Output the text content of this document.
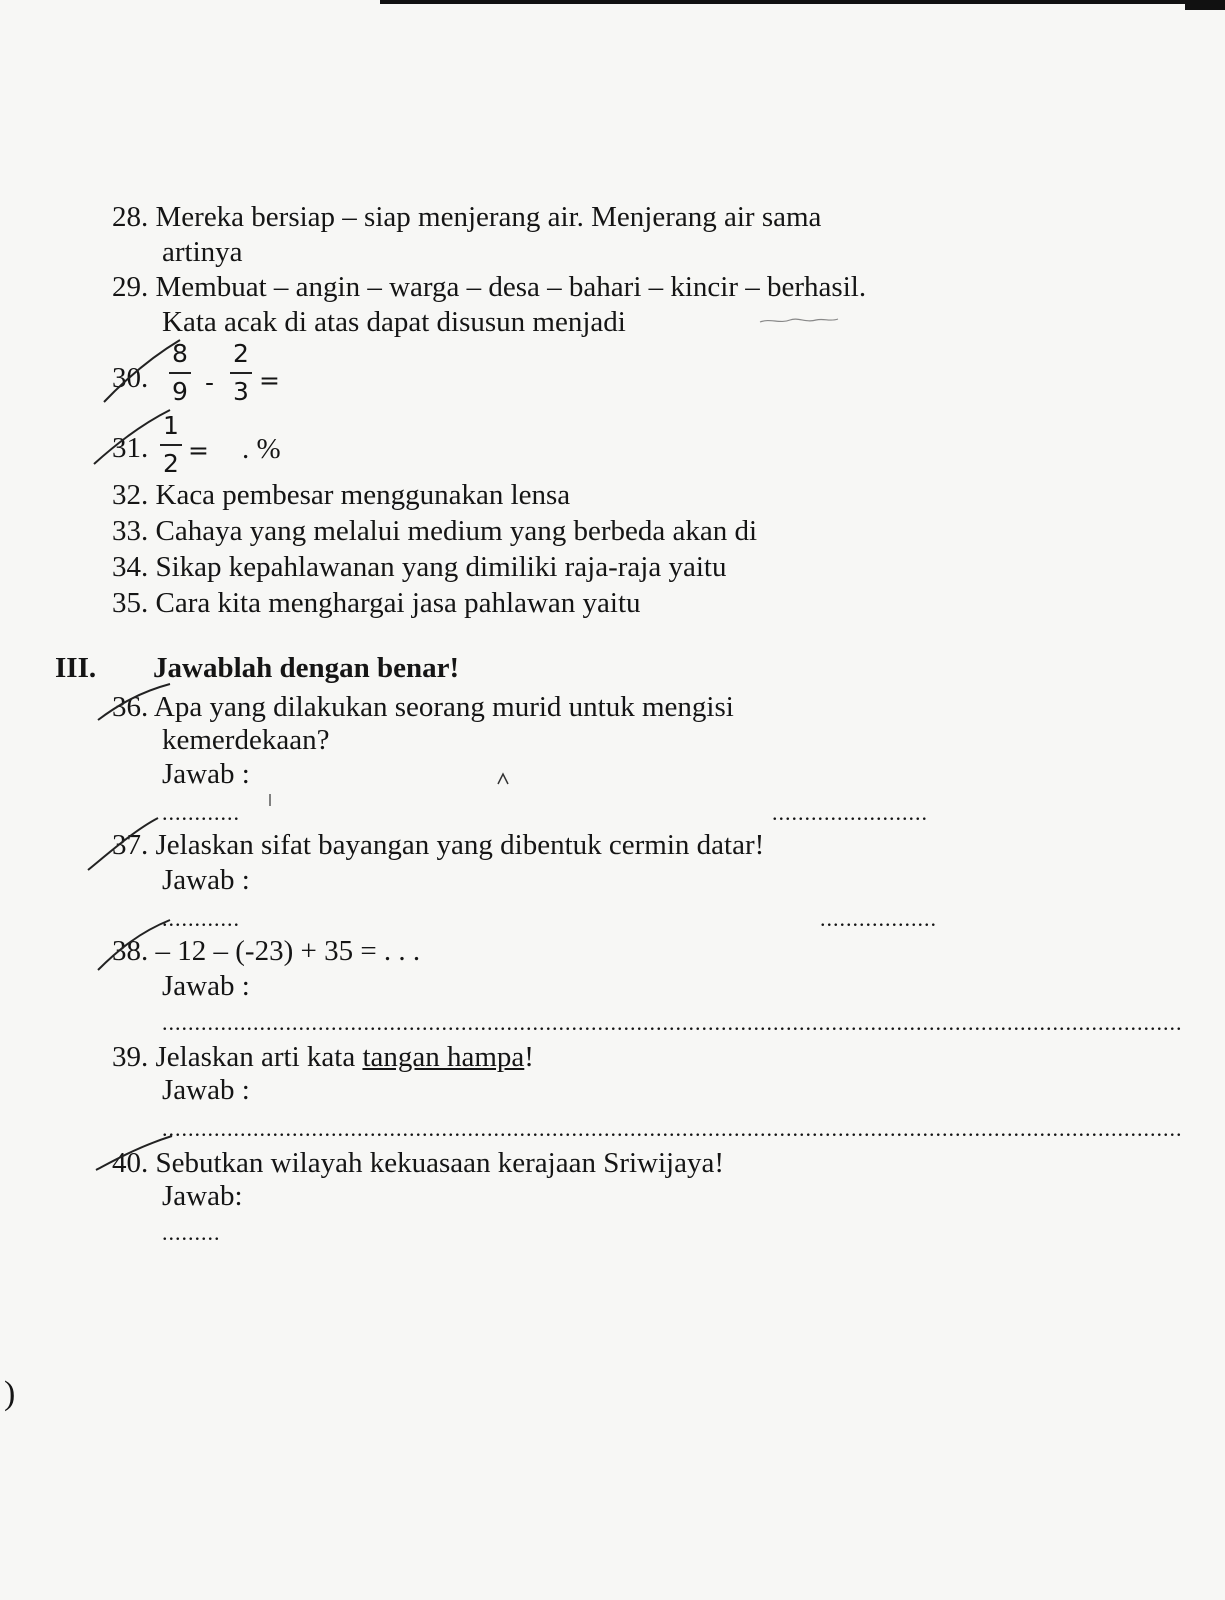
28. Mereka bersiap – siap menjerang air. Menjerang air sama
artinya
29. Membuat – angin – warga – desa – bahari – kincir – berhasil.
Kata acak di atas dapat disusun menjadi
30.
8
9 -
2
3 =
31.
1
2 = . %
32. Kaca pembesar menggunakan lensa
33. Cahaya yang melalui medium yang berbeda akan di
34. Sikap kepahlawanan yang dimiliki raja-raja yaitu
35. Cara kita menghargai jasa pahlawan yaitu
III. Jawablah dengan benar!
36. Apa yang dilakukan seorang murid untuk mengisi
kemerdekaan?
Jawab :
............	........................
37. Jelaskan sifat bayangan yang dibentuk cermin datar!
Jawab :
............	..................
38. – 12 – (-23) + 35 = . . .
Jawab :
.............................................................................................................................................................
39. Jelaskan arti kata tangan hampa!
Jawab :
.............................................................................................................................................................
40. Sebutkan wilayah kekuasaan kerajaan Sriwijaya!
Jawab:
.........
)
